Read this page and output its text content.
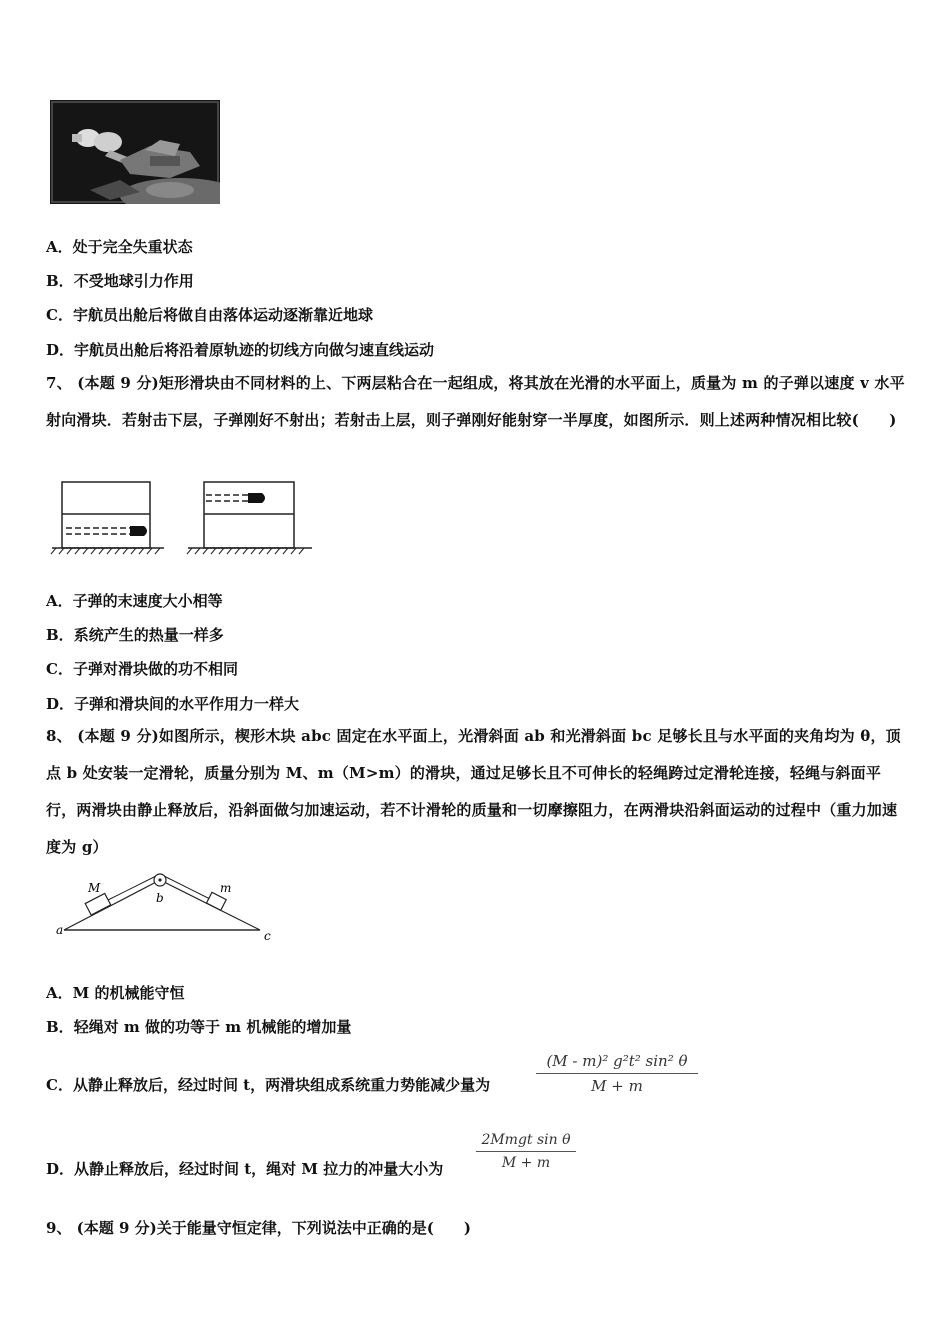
A．处于完全失重状态
B．不受地球引力作用
C．宇航员出舱后将做自由落体运动逐渐靠近地球
D．宇航员出舱后将沿着原轨迹的切线方向做匀速直线运动
7、 (本题 9 分)矩形滑块由不同材料的上、下两层粘合在一起组成，将其放在光滑的水平面上，质量为 m 的子弹以速度 v 水平射向滑块．若射击下层，子弹刚好不射出；若射击上层，则子弹刚好能射穿一半厚度，如图所示．则上述两种情况相比较(　　)
A．子弹的末速度大小相等
B．系统产生的热量一样多
C．子弹对滑块做的功不相同
D．子弹和滑块间的水平作用力一样大
8、 (本题 9 分)如图所示，楔形木块 abc 固定在水平面上，光滑斜面 ab 和光滑斜面 bc 足够长且与水平面的夹角均为 θ，顶点 b 处安装一定滑轮，质量分别为 M、m（M>m）的滑块，通过足够长且不可伸长的轻绳跨过定滑轮连接，轻绳与斜面平行，两滑块由静止释放后，沿斜面做匀加速运动，若不计滑轮的质量和一切摩擦阻力，在两滑块沿斜面运动的过程中（重力加速度为 g）
M	m
a
b
c
A．M 的机械能守恒
B．轻绳对 m 做的功等于 m 机械能的增加量
C．从静止释放后，经过时间 t，两滑块组成系统重力势能减少量为	$\frac{\text{(M - m)² g²t² sin² θ}}{M + m}$
D．从静止释放后，经过时间 t，绳对 M 拉力的冲量大小为
2Mmgt sin θ
M + m
9、 (本题 9 分)关于能量守恒定律，下列说法中正确的是(　　)
